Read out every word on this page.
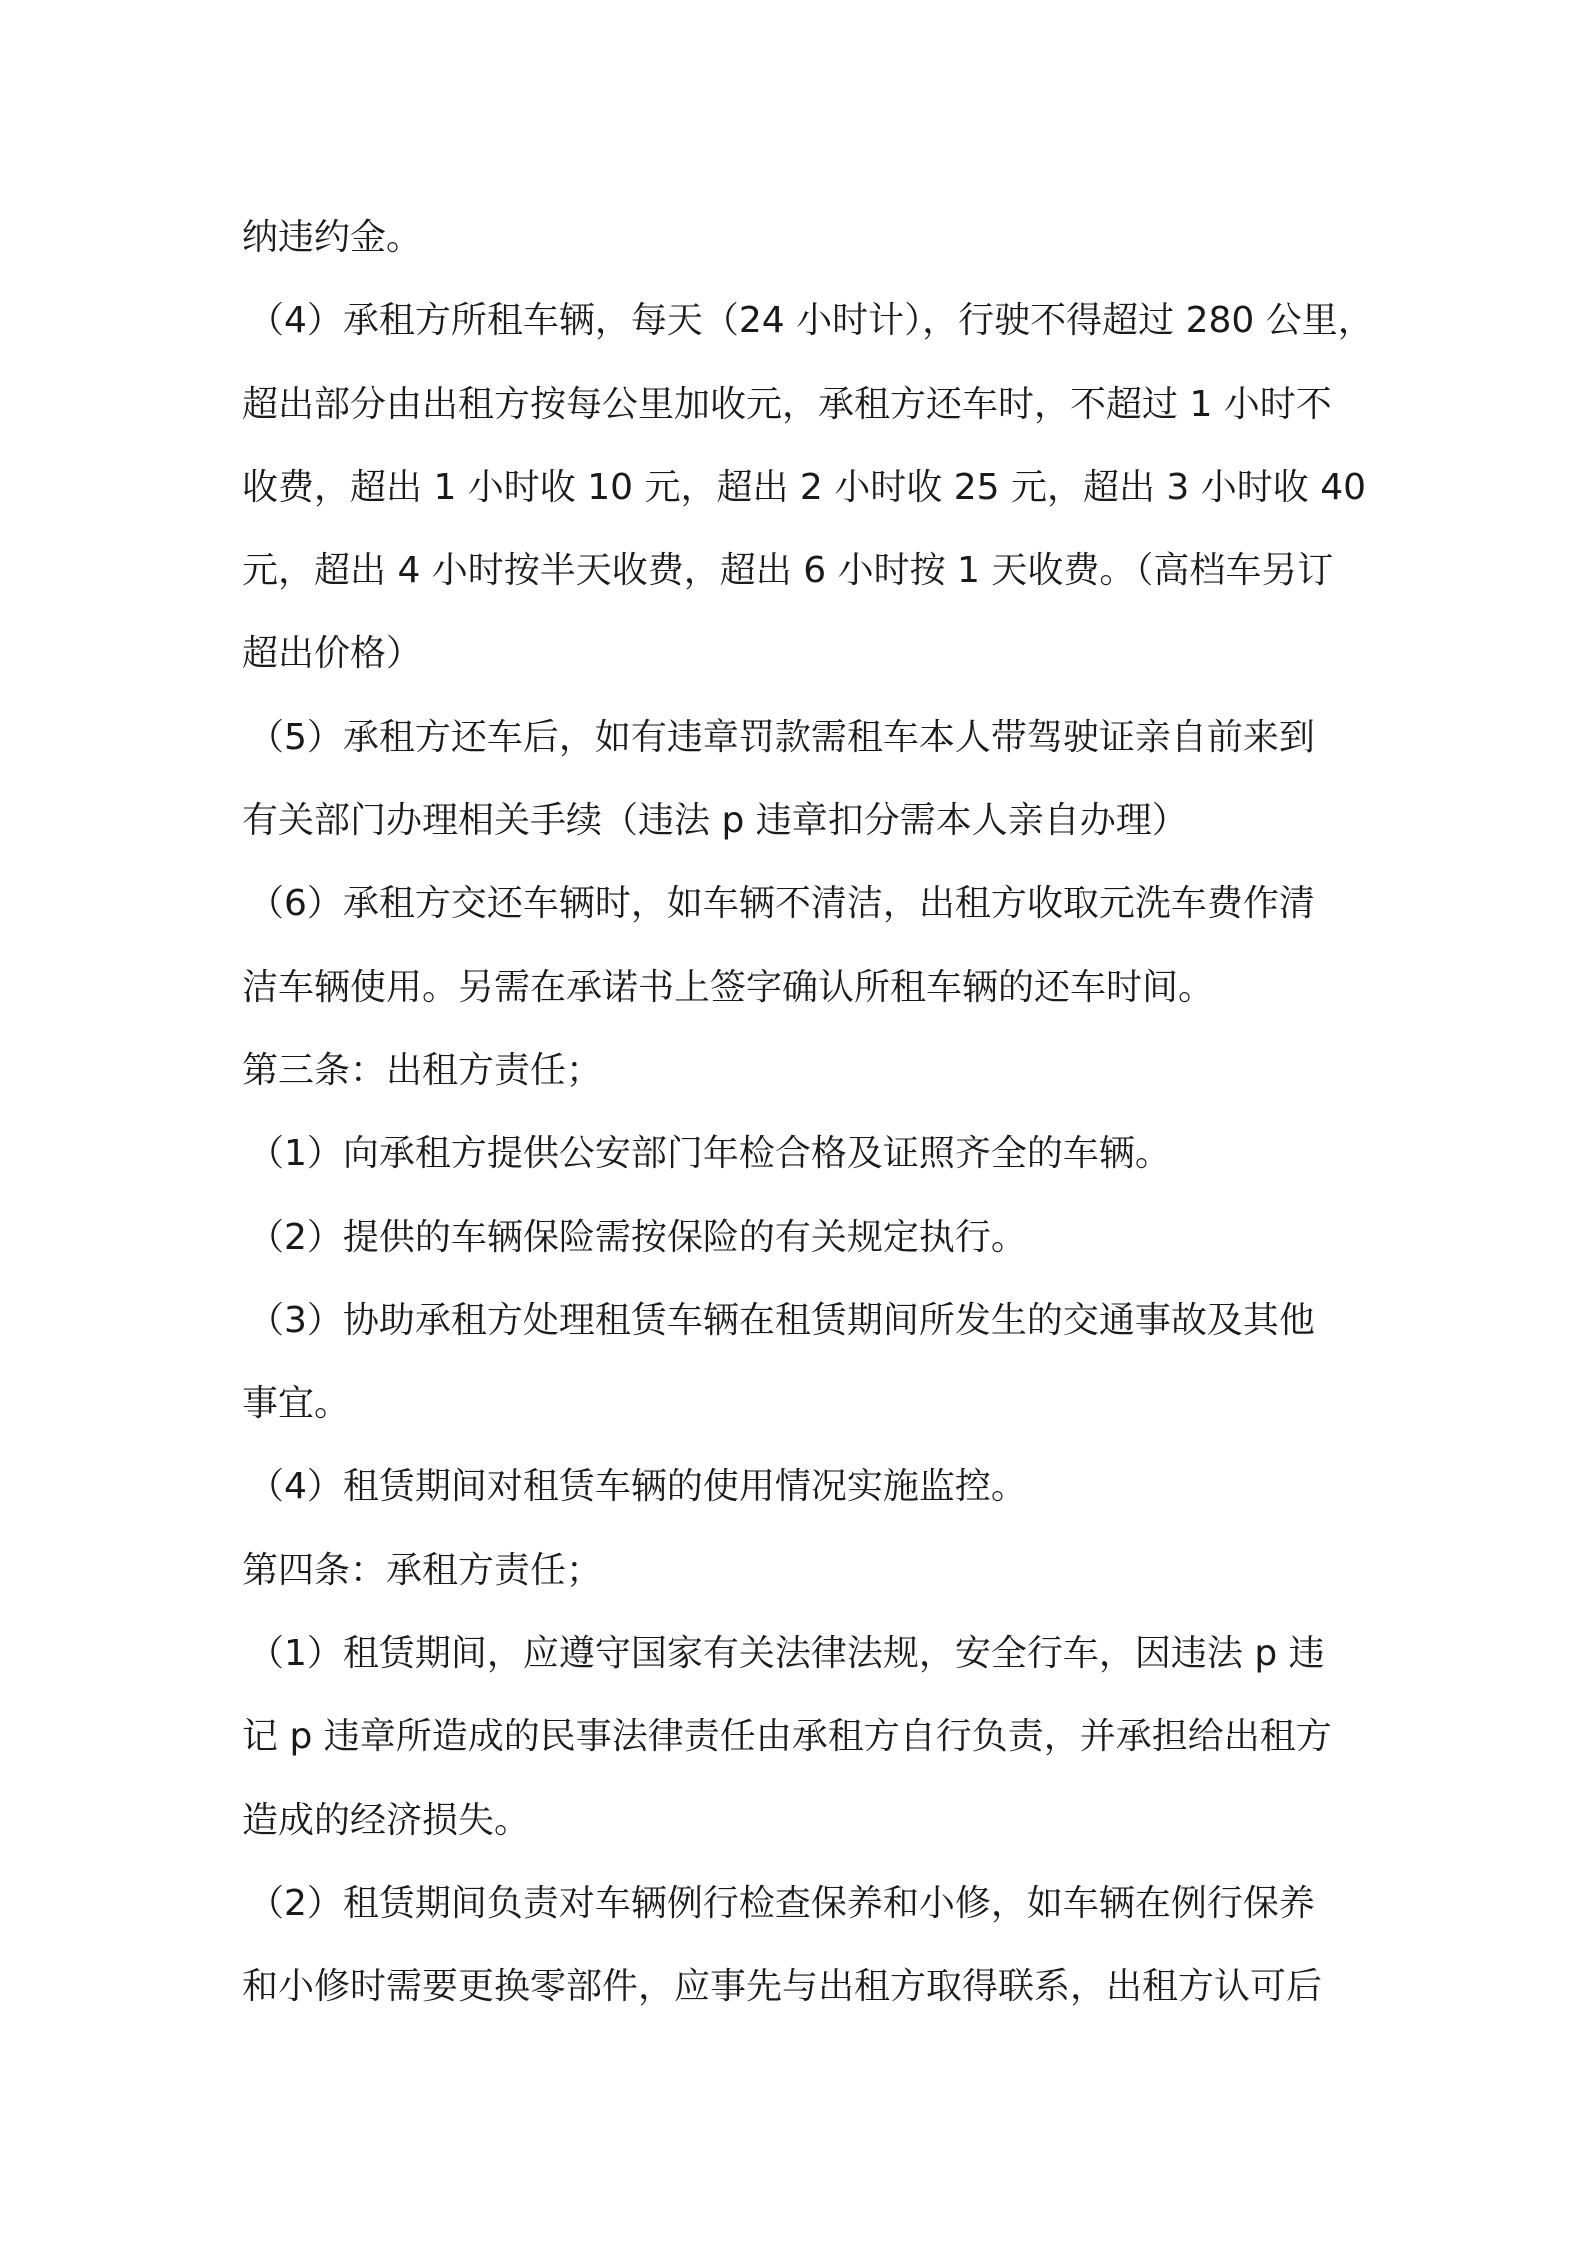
纳违约金。
（4）承租方所租车辆，每天（24 小时计），行驶不得超过 280 公里，
超出部分由出租方按每公里加收元，承租方还车时，不超过 1 小时不
收费，超出 1 小时收 10 元，超出 2 小时收 25 元，超出 3 小时收 40
元，超出 4 小时按半天收费，超出 6 小时按 1 天收费。（高档车另订
超出价格）
（5）承租方还车后，如有违章罚款需租车本人带驾驶证亲自前来到
有关部门办理相关手续（违法 p 违章扣分需本人亲自办理）
（6）承租方交还车辆时，如车辆不清洁，出租方收取元洗车费作清
洁车辆使用。另需在承诺书上签字确认所租车辆的还车时间。
第三条：出租方责任；
（1）向承租方提供公安部门年检合格及证照齐全的车辆。
（2）提供的车辆保险需按保险的有关规定执行。
（3）协助承租方处理租赁车辆在租赁期间所发生的交通事故及其他
事宜。
（4）租赁期间对租赁车辆的使用情况实施监控。
第四条：承租方责任；
（1）租赁期间，应遵守国家有关法律法规，安全行车，因违法 p 违
记 p 违章所造成的民事法律责任由承租方自行负责，并承担给出租方
造成的经济损失。
（2）租赁期间负责对车辆例行检查保养和小修，如车辆在例行保养
和小修时需要更换零部件，应事先与出租方取得联系，出租方认可后
